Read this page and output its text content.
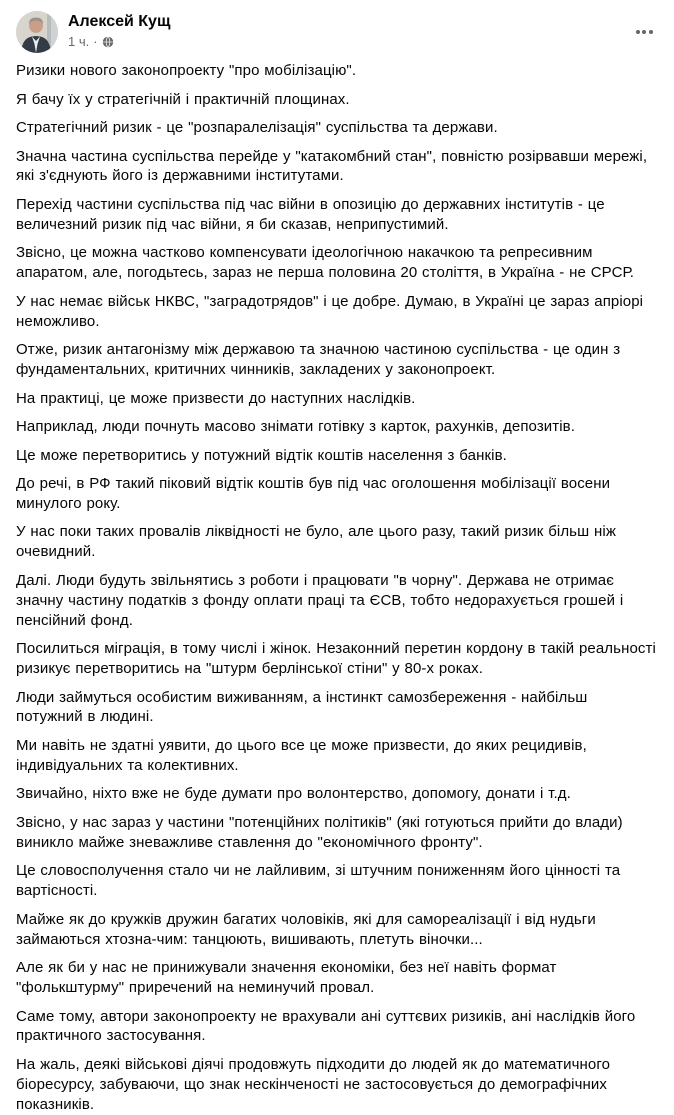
Алексей Кущ
1 ч. ·

Ризики нового законопроекту "про мобілізацію".

Я бачу їх у стратегічній і практичній площинах.

Стратегічний ризик - це "розпаралелізація" суспільства та держави.

Значна частина суспільства перейде у "катакомбний стан", повністю розірвавши мережі, які з'єднують його із державними інститутами.

Перехід частини суспільства під час війни в опозицію до державних інститутів - це величезний ризик під час війни, я би сказав, неприпустимий.

Звісно, це можна частково компенсувати ідеологічною накачкою та репресивним апаратом, але, погодьтесь, зараз не перша половина 20 століття, в Україна - не СРСР.

У нас немає військ НКВС, "заградотрядов" і це добре. Думаю, в Україні це зараз апріорі неможливо.

Отже, ризик антагонізму між державою та значною частиною суспільства - це один з фундаментальних, критичних чинників, закладених у законопроект.

На практиці, це може призвести до наступних наслідків.

Наприклад, люди почнуть масово знімати готівку з карток, рахунків, депозитів.

Це може перетворитись у потужний відтік коштів населення з банків.

До речі, в РФ такий піковий відтік коштів був під час оголошення мобілізації восени минулого року.

У нас поки таких провалів ліквідності не було, але цього разу, такий ризик більш ніж очевидний.

Далі. Люди будуть звільнятись з роботи і працювати "в чорну". Держава не отримає значну частину податків з фонду оплати праці та ЄСВ, тобто недорахується грошей і пенсійний фонд.

Посилиться міграція, в тому числі і жінок. Незаконний перетин кордону в такій реальності ризикує перетворитись на "штурм берлінської стіни" у 80-х роках.

Люди займуться особистим виживанням, а інстинкт самозбереження - найбільш потужний в людині.

Ми навіть не здатні уявити, до цього все це може призвести, до яких рецидивів, індивідуальних та колективних.

Звичайно, ніхто вже не буде думати про волонтерство, допомогу, донати і т.д.

Звісно, у нас зараз у частини "потенційних політиків" (які готуються прийти до влади) виникло майже зневажливе ставлення до "економічного фронту".

Це словосполучення стало чи не лайливим, зі штучним пониженням його цінності та вартісності.

Майже як до кружків дружин багатих чоловіків, які для самореалізації і від нудьги займаються хтозна-чим: танцюють, вишивають, плетуть віночки...

Але як би у нас не принижували значення економіки, без неї навіть формат "фолькштурму" приречений на неминучий провал.

Саме тому, автори законопроекту не врахували ані суттєвих ризиків, ані наслідків його практичного застосування.

На жаль, деякі військові діячі продовжуть підходити до людей як до математичного біоресурсу, забуваючи, що знак нескінченості не застосовується до демографічних показників.
